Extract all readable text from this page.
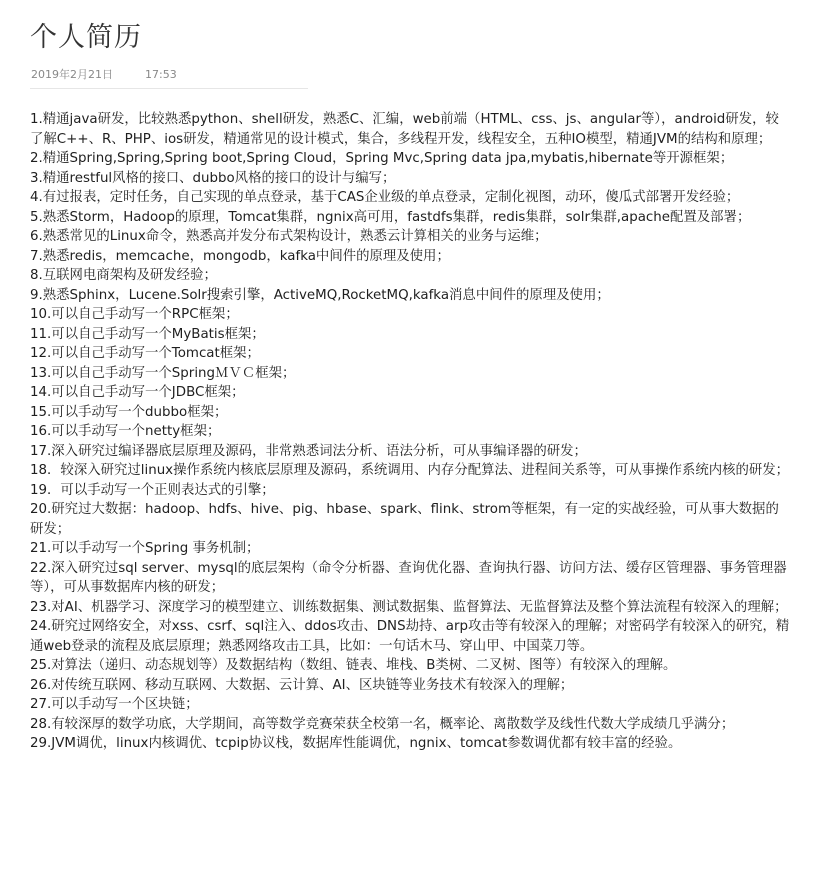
个人简历
2019年2月21日	17:53

1.精通java研发，比较熟悉python、shell研发，熟悉C、汇编，web前端（HTML、css、js、angular等），android研发，较了解C++、R、PHP、ios研发，精通常见的设计模式，集合，多线程开发，线程安全，五种IO模型，精通JVM的结构和原理；

2.精通Spring,Spring,Spring boot,Spring Cloud，Spring Mvc,Spring data jpa,mybatis,hibernate等开源框架；

3.精通restful风格的接口、dubbo风格的接口的设计与编写；

4.有过报表，定时任务，自己实现的单点登录，基于CAS企业级的单点登录，定制化视图，动环，傻瓜式部署开发经验；

5.熟悉Storm，Hadoop的原理，Tomcat集群，ngnix高可用，fastdfs集群，redis集群，solr集群,apache配置及部署；

6.熟悉常见的Linux命令，熟悉高并发分布式架构设计，熟悉云计算相关的业务与运维；

7.熟悉redis，memcache，mongodb，kafka中间件的原理及使用；

8.互联网电商架构及研发经验；

9.熟悉Sphinx，Lucene.Solr搜索引擎，ActiveMQ,RocketMQ,kafka消息中间件的原理及使用；

10.可以自己手动写一个RPC框架；

11.可以自己手动写一个MyBatis框架；

12.可以自己手动写一个Tomcat框架；

13.可以自己手动写一个SpringＭＶＣ框架；

14.可以自己手动写一个JDBC框架；

15.可以手动写一个dubbo框架；

16.可以手动写一个netty框架；

17.深入研究过编译器底层原理及源码，非常熟悉词法分析、语法分析，可从事编译器的研发；

18．较深入研究过linux操作系统内核底层原理及源码，系统调用、内存分配算法、进程间关系等，可从事操作系统内核的研发；

19．可以手动写一个正则表达式的引擎；

20.研究过大数据：hadoop、hdfs、hive、pig、hbase、spark、flink、strom等框架，有一定的实战经验，可从事大数据的研发；

21.可以手动写一个Spring 事务机制；

22.深入研究过sql server、mysql的底层架构（命令分析器、查询优化器、查询执行器、访问方法、缓存区管理器、事务管理器等），可从事数据库内核的研发；

23.对AI、机器学习、深度学习的模型建立、训练数据集、测试数据集、监督算法、无监督算法及整个算法流程有较深入的理解；

24.研究过网络安全，对xss、csrf、sql注入、ddos攻击、DNS劫持、arp攻击等有较深入的理解；对密码学有较深入的研究，精通web登录的流程及底层原理；熟悉网络攻击工具，比如：一句话木马、穿山甲、中国菜刀等。

25.对算法（递归、动态规划等）及数据结构（数组、链表、堆栈、B类树、二叉树、图等）有较深入的理解。

26.对传统互联网、移动互联网、大数据、云计算、AI、区块链等业务技术有较深入的理解；

27.可以手动写一个区块链；

28.有较深厚的数学功底，大学期间，高等数学竞赛荣获全校第一名，概率论、离散数学及线性代数大学成绩几乎满分；

29.JVM调优，linux内核调优、tcpip协议栈，数据库性能调优，ngnix、tomcat参数调优都有较丰富的经验。
